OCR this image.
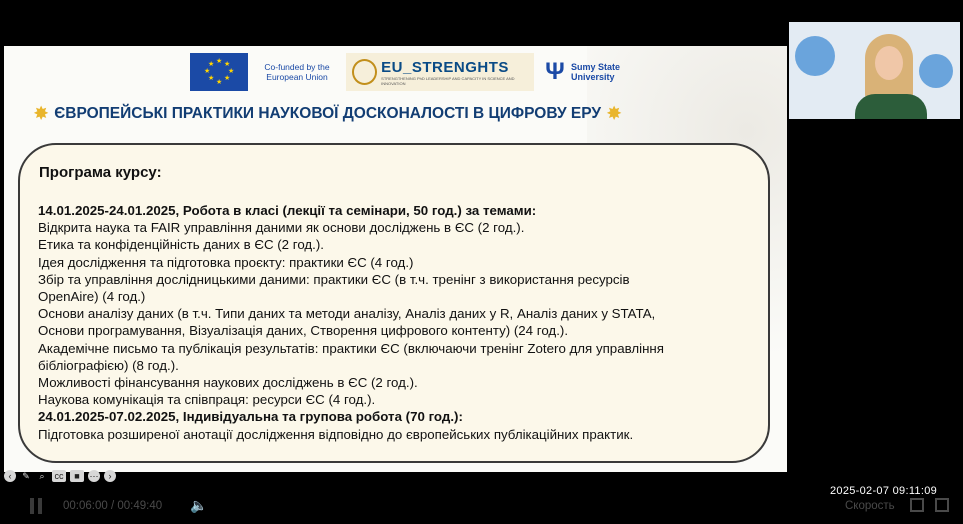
★ ★
★
★
★
★
★
★	Co-funded by the European Union
EU_STRENGHTS
STRENGTHENING PhD LEADERSHIP AND CAPACITY IN SCIENCE AND INNOVATION	Ψ Sumy State University
✸ ЄВРОПЕЙСЬКІ ПРАКТИКИ НАУКОВОЇ ДОСКОНАЛОСТІ В ЦИФРОВУ ЕРУ ✸
Програма курсу:
14.01.2025-24.01.2025, Робота в класі (лекції та семінари, 50 год.) за темами:
Відкрита наука та FAIR управління даними як основи досліджень в ЄС (2 год.).
Етика та конфіденційність даних в ЄС (2 год.).
Ідея дослідження та підготовка проєкту: практики ЄС (4 год.)
Збір та управління дослідницькими даними: практики ЄС (в т.ч. тренінг з використання ресурсів
OpenAire) (4 год.)
Основи аналізу даних (в т.ч. Типи даних та методи аналізу, Аналіз даних у R, Аналіз даних у STATA,
Основи програмування, Візуалізація даних, Створення цифрового контенту) (24 год.).
Академічне письмо та публікація результатів: практики ЄС (включаючи тренінг Zotero для управління
бібліографією) (8 год.).
Можливості фінансування наукових досліджень в ЄС (2 год.).
Наукова комунікація та співпраця: ресурси ЄС (4 год.).
24.01.2025-07.02.2025, Індивідуальна та групова робота (70 год.):
Підготовка розширеної анотації дослідження відповідно до європейських публікаційних практик.
‹	✎	⌕	cc	■	⋯	›
2025-02-07 09:11:09
00:06:00 / 00:49:40 🔈	Скорость
